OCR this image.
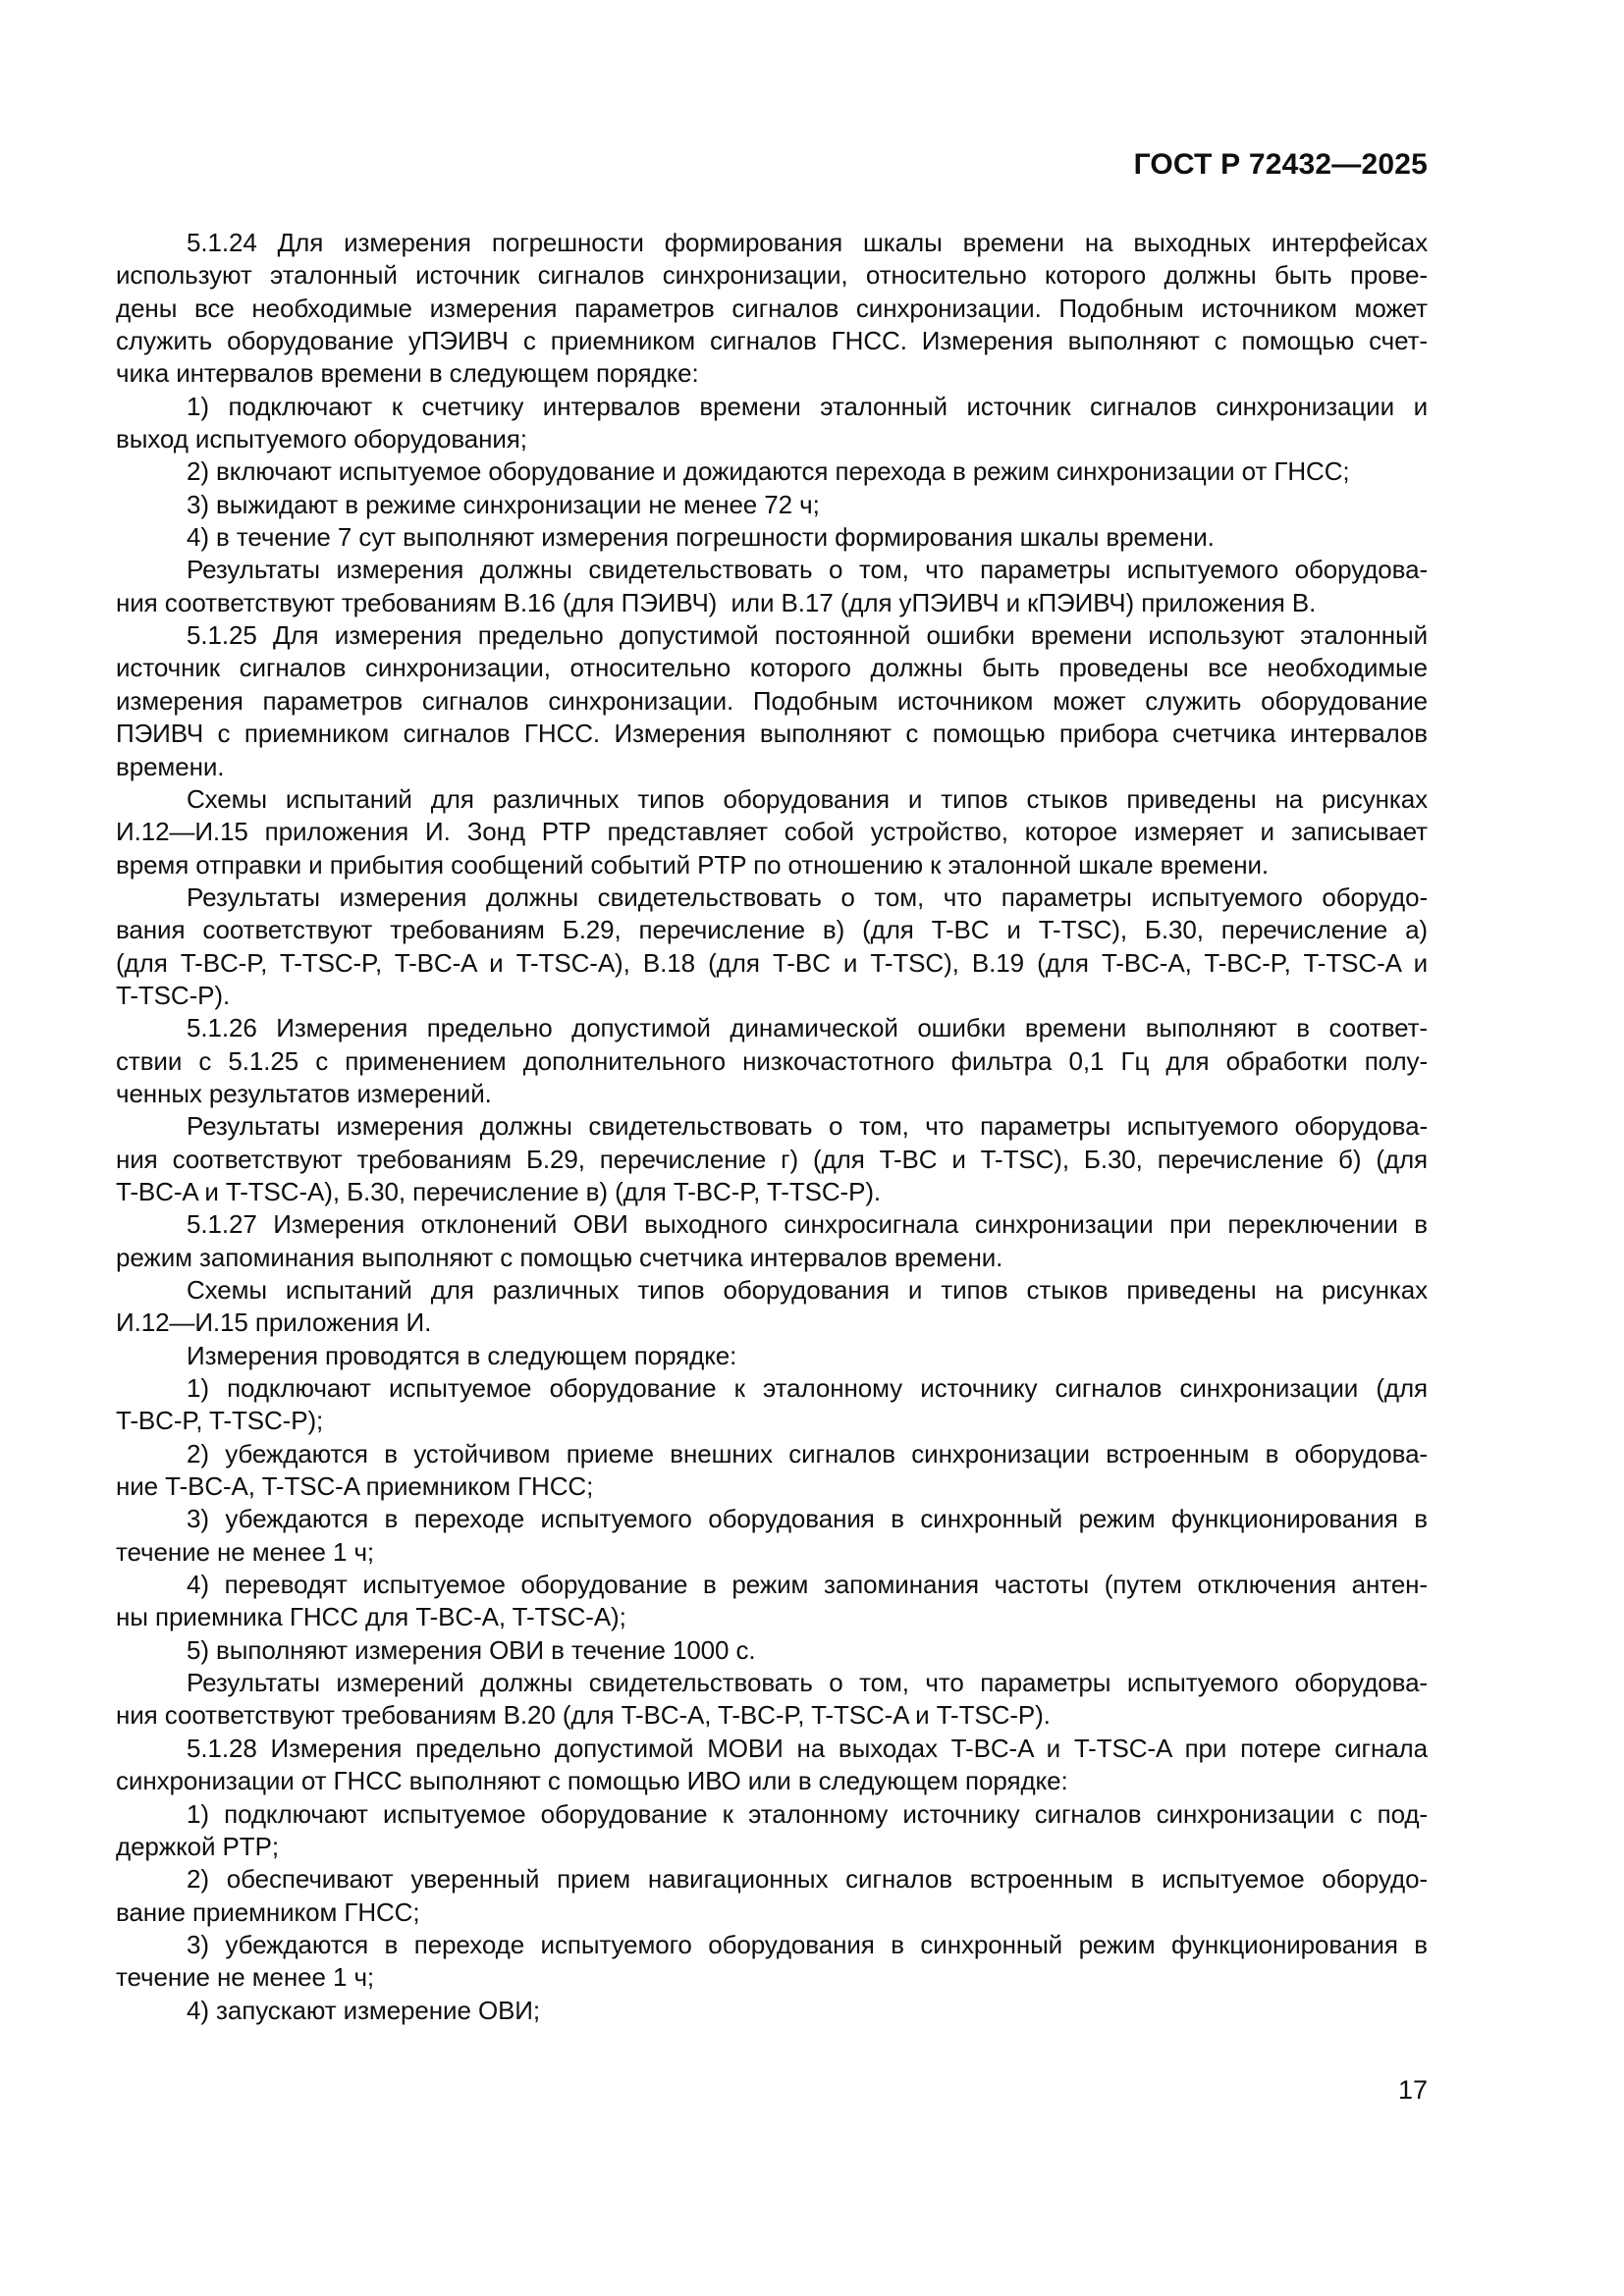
ГОСТ Р 72432—2025
5.1.24 Для измерения погрешности формирования шкалы времени на выходных интерфейсах
используют эталонный источник сигналов синхронизации, относительно которого должны быть прове-
дены все необходимые измерения параметров сигналов синхронизации. Подобным источником может
служить оборудование уПЭИВЧ с приемником сигналов ГНСС. Измерения выполняют с помощью счет-
чика интервалов времени в следующем порядке:
1) подключают к счетчику интервалов времени эталонный источник сигналов синхронизации и
выход испытуемого оборудования;
2) включают испытуемое оборудование и дожидаются перехода в режим синхронизации от ГНСС;
3) выжидают в режиме синхронизации не менее 72 ч;
4) в течение 7 сут выполняют измерения погрешности формирования шкалы времени.
Результаты измерения должны свидетельствовать о том, что параметры испытуемого оборудова-
ния соответствуют требованиям В.16 (для ПЭИВЧ)  или В.17 (для уПЭИВЧ и кПЭИВЧ) приложения В.
5.1.25 Для измерения предельно допустимой постоянной ошибки времени используют эталонный
источник сигналов синхронизации, относительно которого должны быть проведены все необходимые
измерения параметров сигналов синхронизации. Подобным источником может служить оборудование
ПЭИВЧ с приемником сигналов ГНСС. Измерения выполняют с помощью прибора счетчика интервалов
времени.
Схемы испытаний для различных типов оборудования и типов стыков приведены на рисунках
И.12—И.15 приложения И. Зонд PTP представляет собой устройство, которое измеряет и записывает
время отправки и прибытия сообщений событий PTP по отношению к эталонной шкале времени.
Результаты измерения должны свидетельствовать о том, что параметры испытуемого оборудо-
вания соответствуют требованиям Б.29, перечисление в) (для T-BC и T-TSC), Б.30, перечисление а)
(для T-BC-P, T-TSC-P, T-BC-A и T-TSC-A), В.18 (для T-BC и T-TSC), В.19 (для T-BC-A, T-BC-P, T-TSC-A и
T-TSC-P).
5.1.26 Измерения предельно допустимой динамической ошибки времени выполняют в соответ-
ствии с 5.1.25 с применением дополнительного низкочастотного фильтра 0,1 Гц для обработки полу-
ченных результатов измерений.
Результаты измерения должны свидетельствовать о том, что параметры испытуемого оборудова-
ния соответствуют требованиям Б.29, перечисление г) (для T-BC и T-TSC), Б.30, перечисление б) (для
T-BC-A и T-TSC-A), Б.30, перечисление в) (для T-BC-P, T-TSC-P).
5.1.27 Измерения отклонений ОВИ выходного синхросигнала синхронизации при переключении в
режим запоминания выполняют с помощью счетчика интервалов времени.
Схемы испытаний для различных типов оборудования и типов стыков приведены на рисунках
И.12—И.15 приложения И.
Измерения проводятся в следующем порядке:
1) подключают испытуемое оборудование к эталонному источнику сигналов синхронизации (для
T-BC-P, T-TSC-P);
2) убеждаются в устойчивом приеме внешних сигналов синхронизации встроенным в оборудова-
ние T-BC-A, T-TSC-A приемником ГНСС;
3) убеждаются в переходе испытуемого оборудования в синхронный режим функционирования в
течение не менее 1 ч;
4) переводят испытуемое оборудование в режим запоминания частоты (путем отключения антен-
ны приемника ГНСС для T-BC-A, T-TSC-A);
5) выполняют измерения ОВИ в течение 1000 с.
Результаты измерений должны свидетельствовать о том, что параметры испытуемого оборудова-
ния соответствуют требованиям В.20 (для T-BC-A, T-BC-P, T-TSC-A и T-TSC-P).
5.1.28 Измерения предельно допустимой МОВИ на выходах T-BC-A и T-TSC-A при потере сигнала
синхронизации от ГНСС выполняют с помощью ИВО или в следующем порядке:
1) подключают испытуемое оборудование к эталонному источнику сигналов синхронизации с под-
держкой PTP;
2) обеспечивают уверенный прием навигационных сигналов встроенным в испытуемое оборудо-
вание приемником ГНСС;
3) убеждаются в переходе испытуемого оборудования в синхронный режим функционирования в
течение не менее 1 ч;
4) запускают измерение ОВИ;
17
